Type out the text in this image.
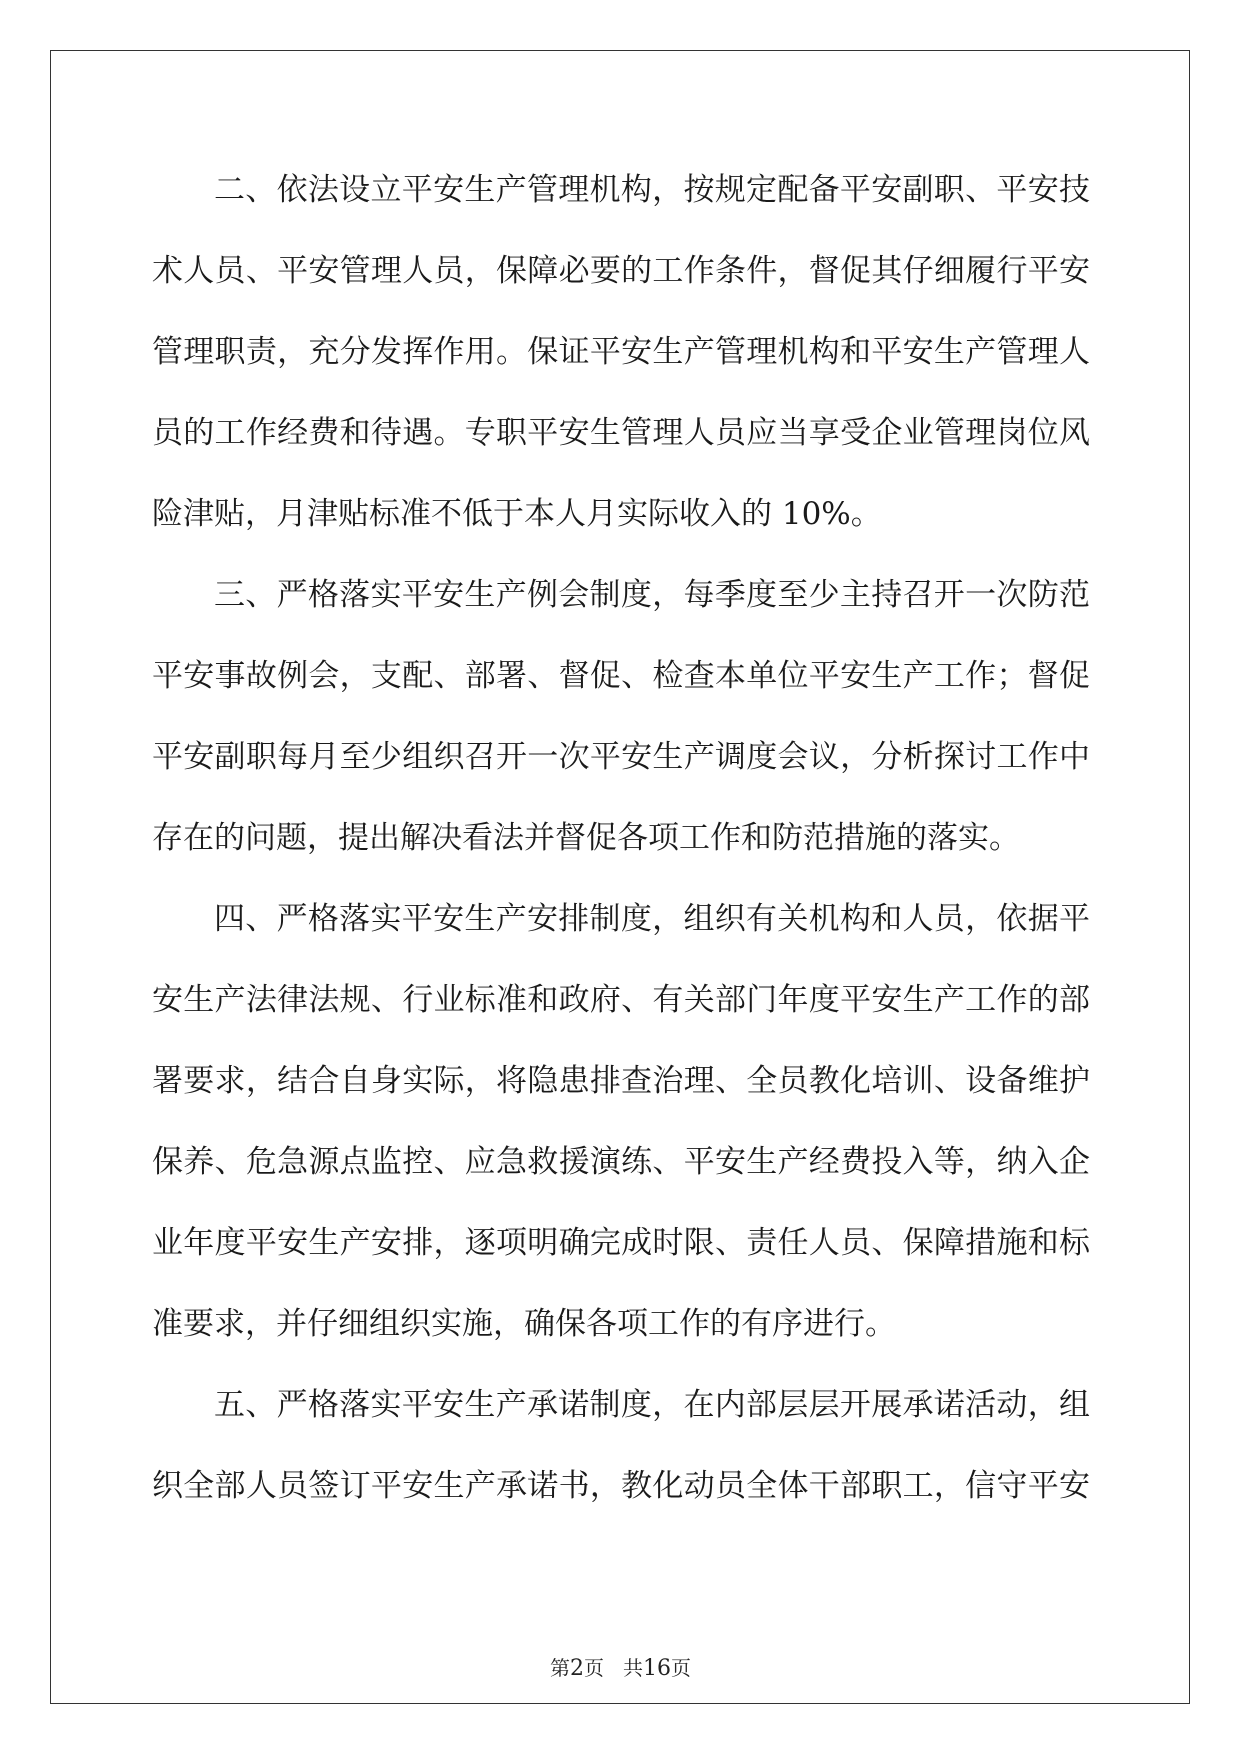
二、依法设立平安生产管理机构，按规定配备平安副职、平安技
术人员、平安管理人员，保障必要的工作条件，督促其仔细履行平安
管理职责，充分发挥作用。保证平安生产管理机构和平安生产管理人
员的工作经费和待遇。专职平安生管理人员应当享受企业管理岗位风
险津贴，月津贴标准不低于本人月实际收入的 10%。
三、严格落实平安生产例会制度，每季度至少主持召开一次防范
平安事故例会，支配、部署、督促、检查本单位平安生产工作；督促
平安副职每月至少组织召开一次平安生产调度会议，分析探讨工作中
存在的问题，提出解决看法并督促各项工作和防范措施的落实。
四、严格落实平安生产安排制度，组织有关机构和人员，依据平
安生产法律法规、行业标准和政府、有关部门年度平安生产工作的部
署要求，结合自身实际，将隐患排查治理、全员教化培训、设备维护
保养、危急源点监控、应急救援演练、平安生产经费投入等，纳入企
业年度平安生产安排，逐项明确完成时限、责任人员、保障措施和标
准要求，并仔细组织实施，确保各项工作的有序进行。
五、严格落实平安生产承诺制度，在内部层层开展承诺活动，组
织全部人员签订平安生产承诺书，教化动员全体干部职工，信守平安
第2页 共16页
